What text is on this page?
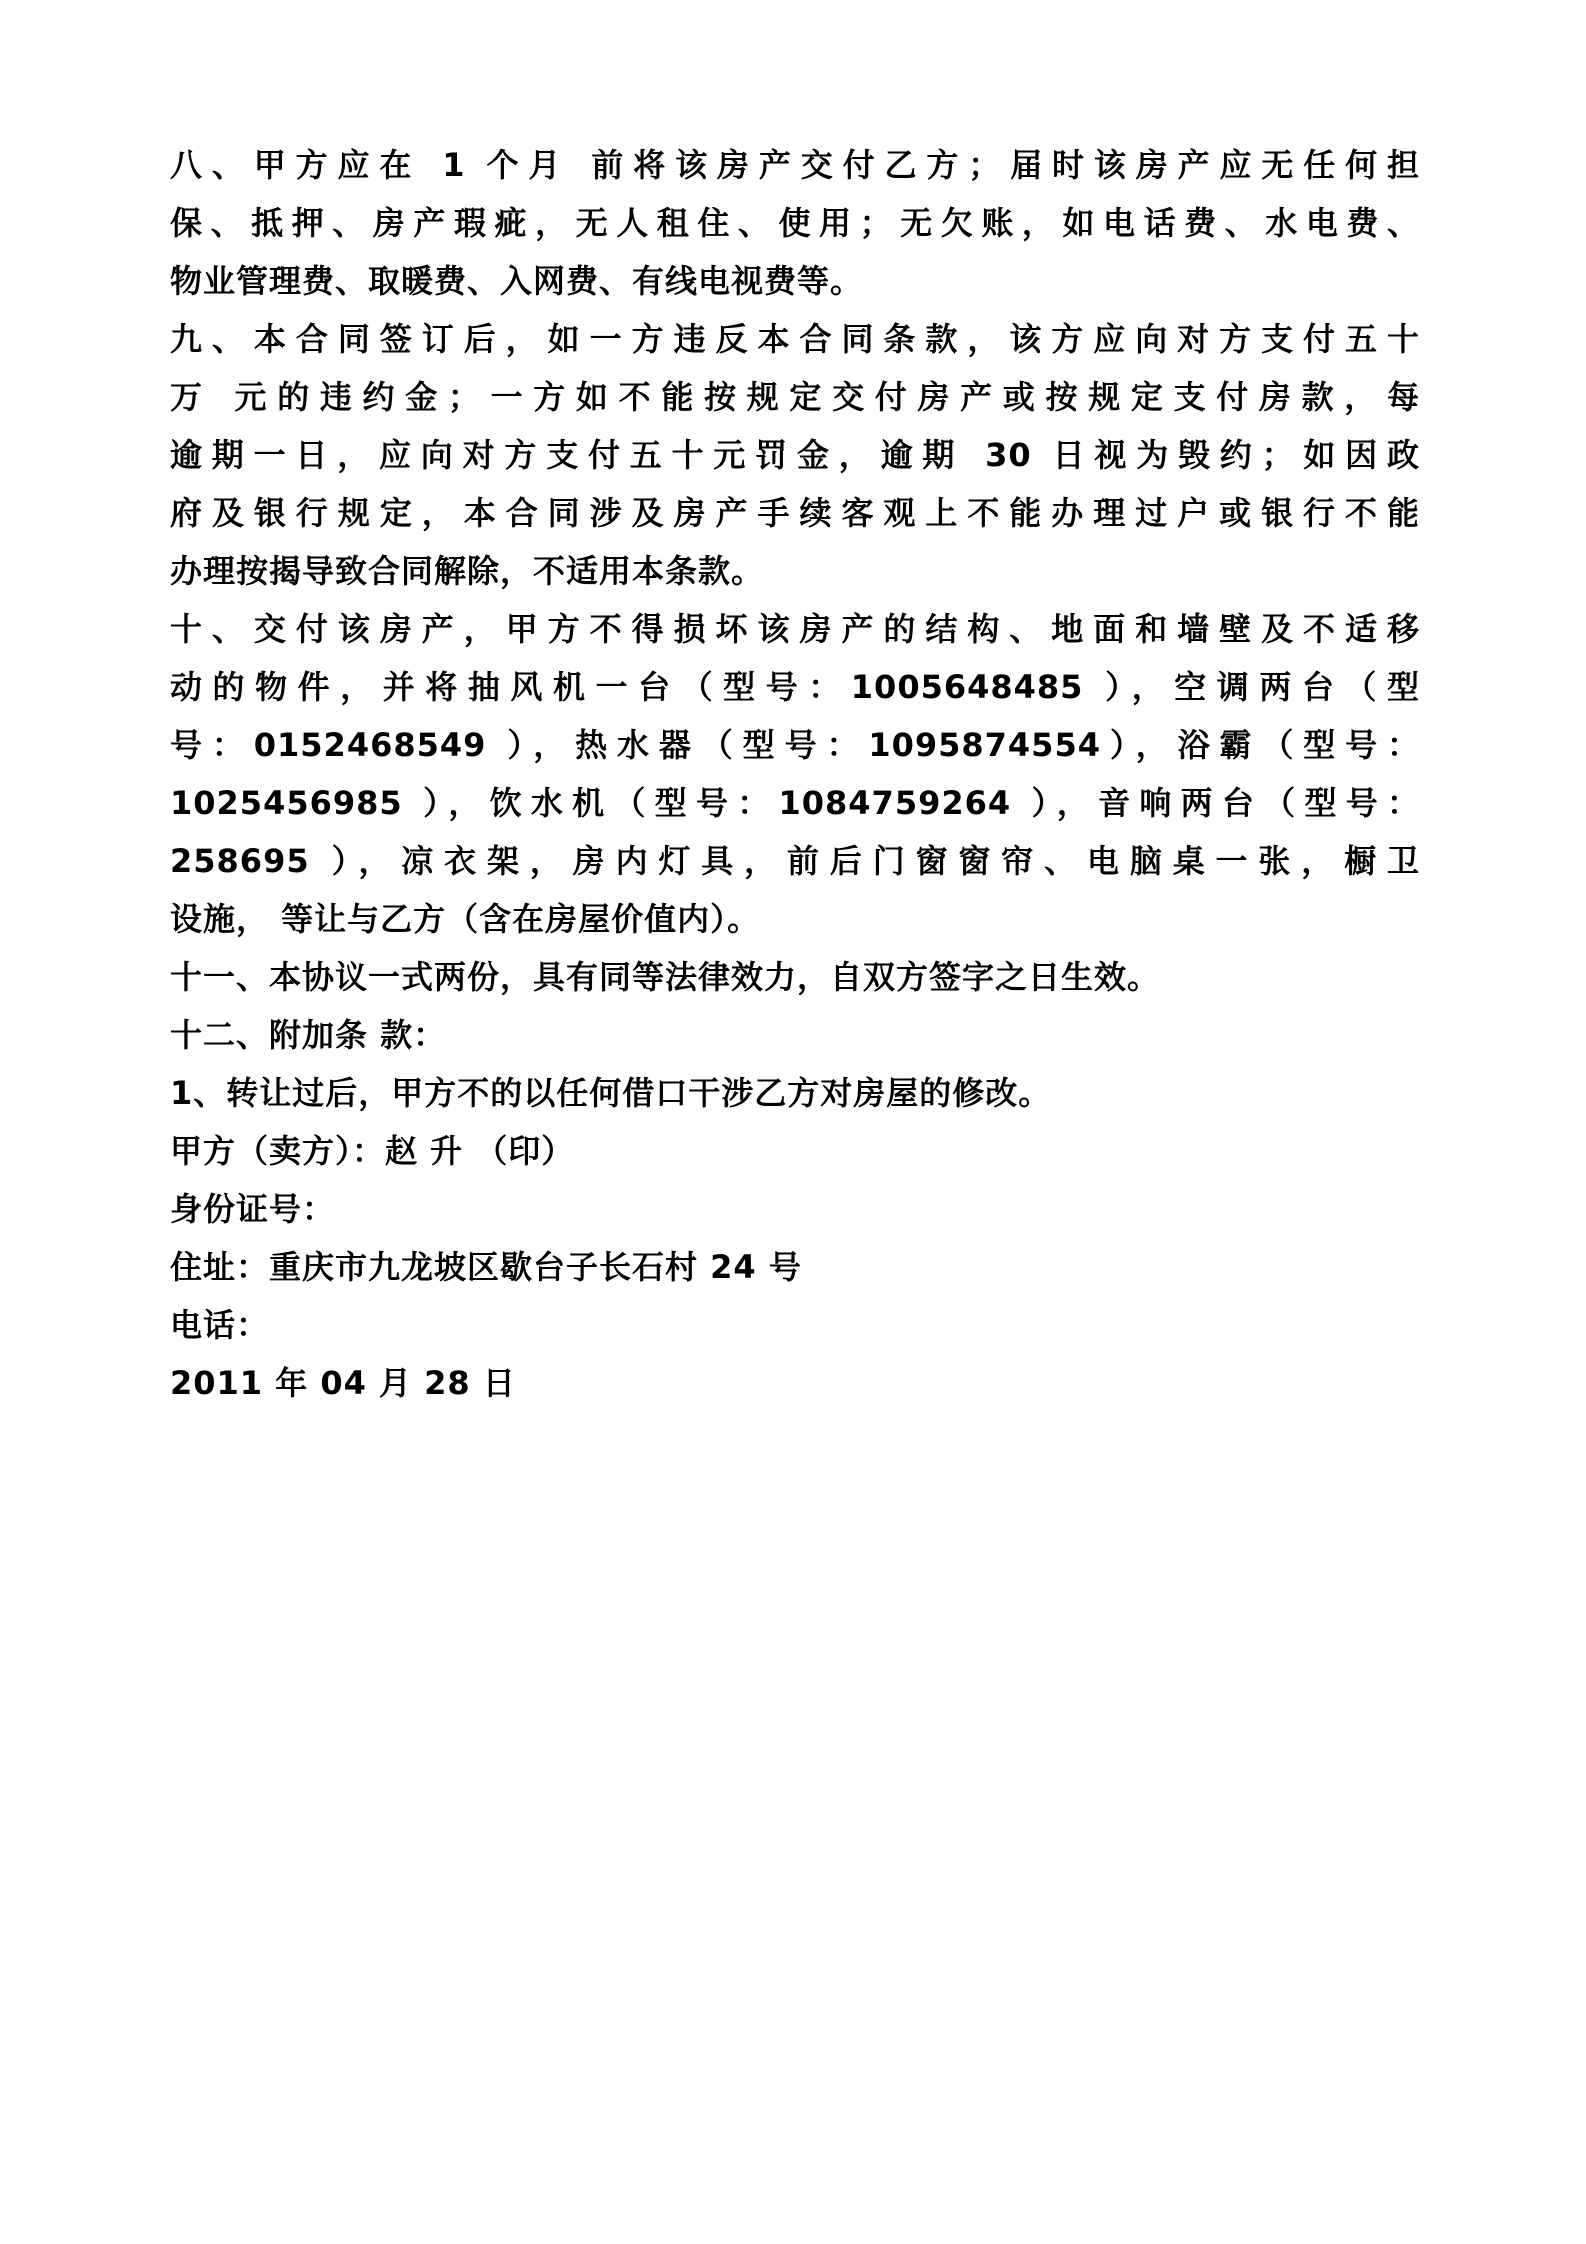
八、甲方应在 1 个月 前将该房产交付乙方；届时该房产应无任何担

保、抵押、房产瑕疵，无人租住、使用；无欠账，如电话费、水电费、

物业管理费、取暖费、入网费、有线电视费等。

九、本合同签订后，如一方违反本合同条款，该方应向对方支付五十

万 元的违约金；一方如不能按规定交付房产或按规定支付房款，每

逾期一日，应向对方支付五十元罚金，逾期 30 日视为毁约；如因政

府及银行规定，本合同涉及房产手续客观上不能办理过户或银行不能

办理按揭导致合同解除，不适用本条款。

十、交付该房产，甲方不得损坏该房产的结构、地面和墙壁及不适移

动的物件，并将抽风机一台（型号：1005648485 ），空调两台（型

号：0152468549 ），热水器（型号：1095874554），浴霸（型号：

1025456985 ），饮水机（型号：1084759264 ），音响两台（型号：

258695 ），凉衣架，房内灯具，前后门窗窗帘、电脑桌一张，橱卫

设施， 等让与乙方（含在房屋价值内）。

十一、本协议一式两份，具有同等法律效力，自双方签字之日生效。

十二、附加条 款：

1、转让过后，甲方不的以任何借口干涉乙方对房屋的修改。

甲方（卖方）：赵 升 （印）

身份证号：

住址：重庆市九龙坡区歇台子长石村 24 号

电话：

2011 年 04 月 28 日
